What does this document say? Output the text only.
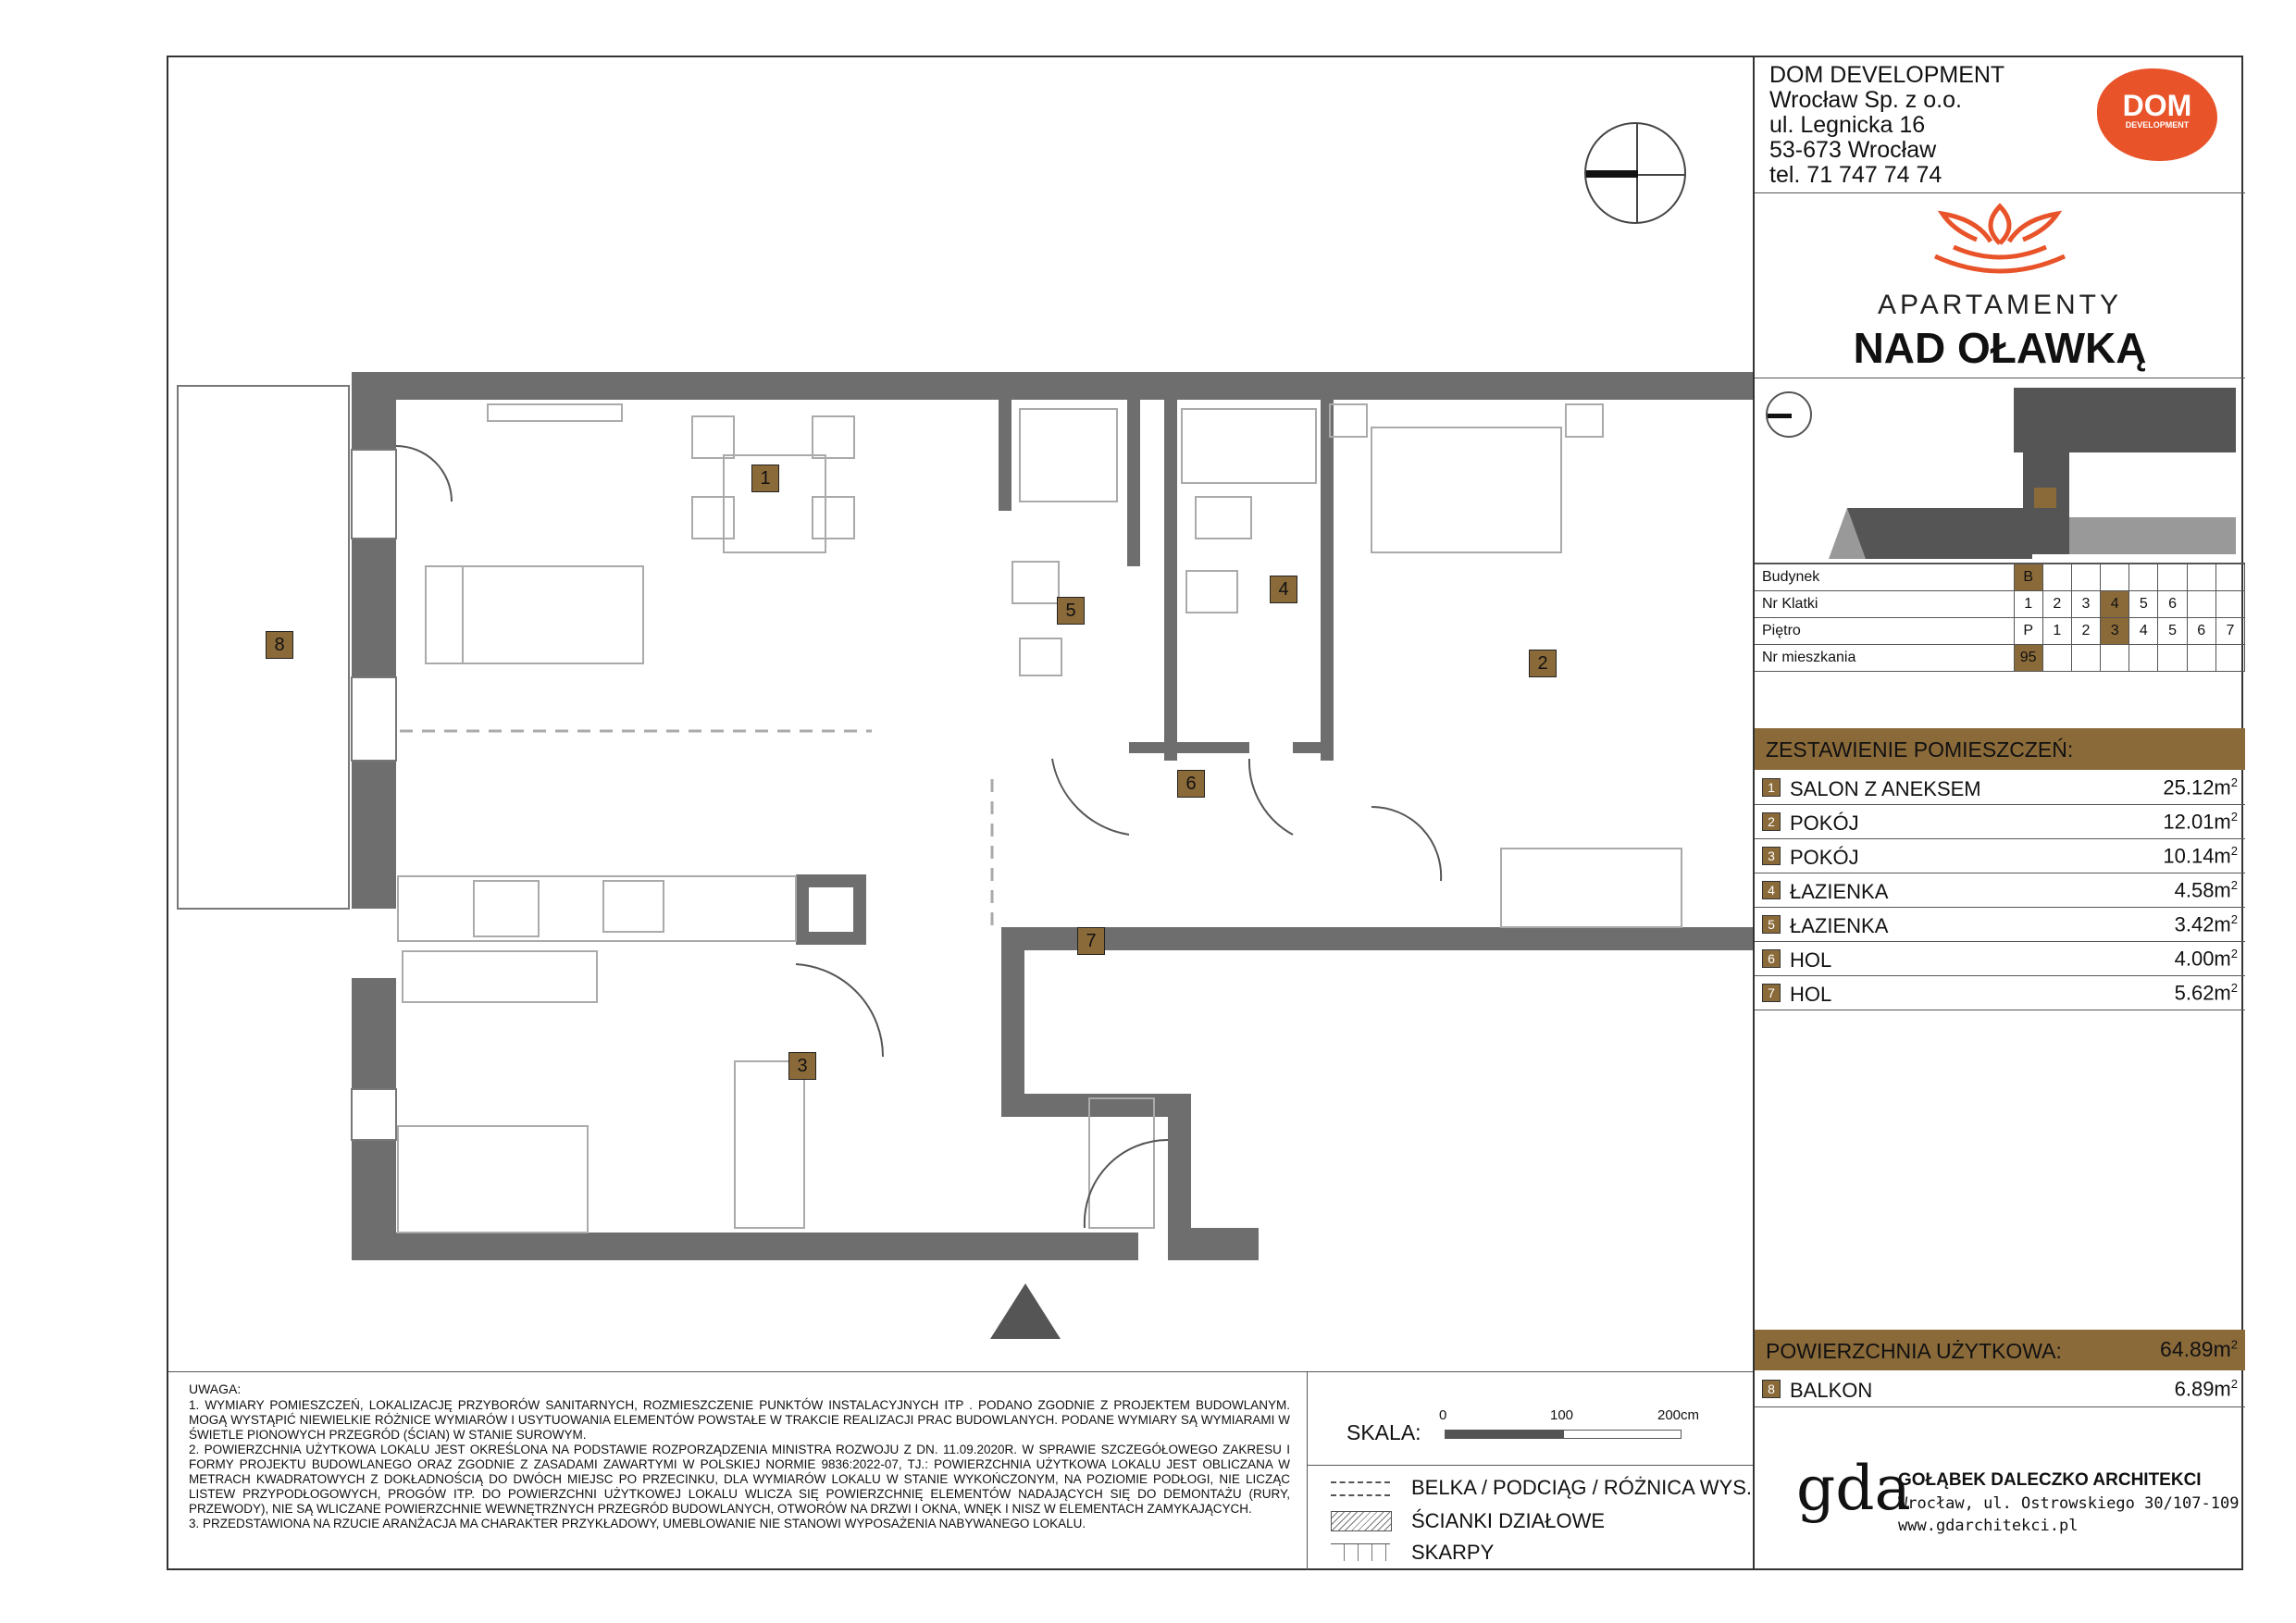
1
2
3
4
5
6
7
8
DOM DEVELOPMENT
Wrocław Sp. z o.o.
ul. Legnicka 16
53-673 Wrocław
tel. 71 747 74 74
DOM
DEVELOPMENT
APARTAMENTY
NAD OŁAWKĄ
Budynek	B							
Nr Klatki	1	2	3	4	5	6		
Piętro	P	1	2	3	4	5	6	7
Nr mieszkania	95							
ZESTAWIENIE POMIESZCZEŃ:
1 SALON Z ANEKSEM	$25.12m^2$
2 POKÓJ	$12.01m^2$
3 POKÓJ	$10.14m^2$
4 ŁAZIENKA	$4.58m^2$
5 ŁAZIENKA	$3.42m^2$
6 HOL	$4.00m^2$
7 HOL	$5.62m^2$
POWIERZCHNIA UŻYTKOWA:	$64.89m^2$
8 BALKON	$6.89m^2$
UWAGA:
1. WYMIARY POMIESZCZEŃ, LOKALIZACJĘ PRZYBORÓW SANITARNYCH, ROZMIESZCZENIE PUNKTÓW INSTALACYJNYCH ITP . PODANO ZGODNIE Z PROJEKTEM BUDOWLANYM. MOGĄ WYSTĄPIĆ NIEWIELKIE RÓŻNICE WYMIARÓW I USYTUOWANIA ELEMENTÓW POWSTAŁE W TRAKCIE REALIZACJI PRAC BUDOWLANYCH. PODANE WYMIARY SĄ WYMIARAMI W ŚWIETLE PIONOWYCH PRZEGRÓD (ŚCIAN) W STANIE SUROWYM.
2. POWIERZCHNIA UŻYTKOWA LOKALU JEST OKREŚLONA NA PODSTAWIE ROZPORZĄDZENIA MINISTRA ROZWOJU Z DN. 11.09.2020R. W SPRAWIE SZCZEGÓŁOWEGO ZAKRESU I FORMY PROJEKTU BUDOWLANEGO ORAZ ZGODNIE Z ZASADAMI ZAWARTYMI W POLSKIEJ NORMIE 9836:2022-07, TJ.: POWIERZCHNIA UŻYTKOWA LOKALU JEST OBLICZANA W METRACH KWADRATOWYCH Z DOKŁADNOŚCIĄ DO DWÓCH MIEJSC PO PRZECINKU, DLA WYMIARÓW LOKALU W STANIE WYKOŃCZONYM, NA POZIOMIE PODŁOGI, NIE LICZĄC LISTEW PRZYPODŁOGOWYCH, PROGÓW ITP. DO POWIERZCHNI UŻYTKOWEJ LOKALU WLICZA SIĘ POWIERZCHNIĘ ELEMENTÓW NADAJĄCYCH SIĘ DO DEMONTAŻU (RURY, PRZEWODY), NIE SĄ WLICZANE POWIERZCHNIE WEWNĘTRZNYCH PRZEGRÓD BUDOWLANYCH, OTWORÓW NA DRZWI I OKNA, WNĘK I NISZ W ELEMENTACH ZAMYKAJĄCYCH.
3. PRZEDSTAWIONA NA RZUCIE ARANŻACJA MA CHARAKTER PRZYKŁADOWY, UMEBLOWANIE NIE STANOWI WYPOSAŻENIA NABYWANEGO LOKALU.
SKALA:
0	100	200cm
BELKA / PODCIĄG / RÓŻNICA WYS.
ŚCIANKI DZIAŁOWE
SKARPY
gda
GOŁĄBEK DALECZKO ARCHITEKCI
Wrocław, ul. Ostrowskiego 30/107-109
www.gdarchitekci.pl
